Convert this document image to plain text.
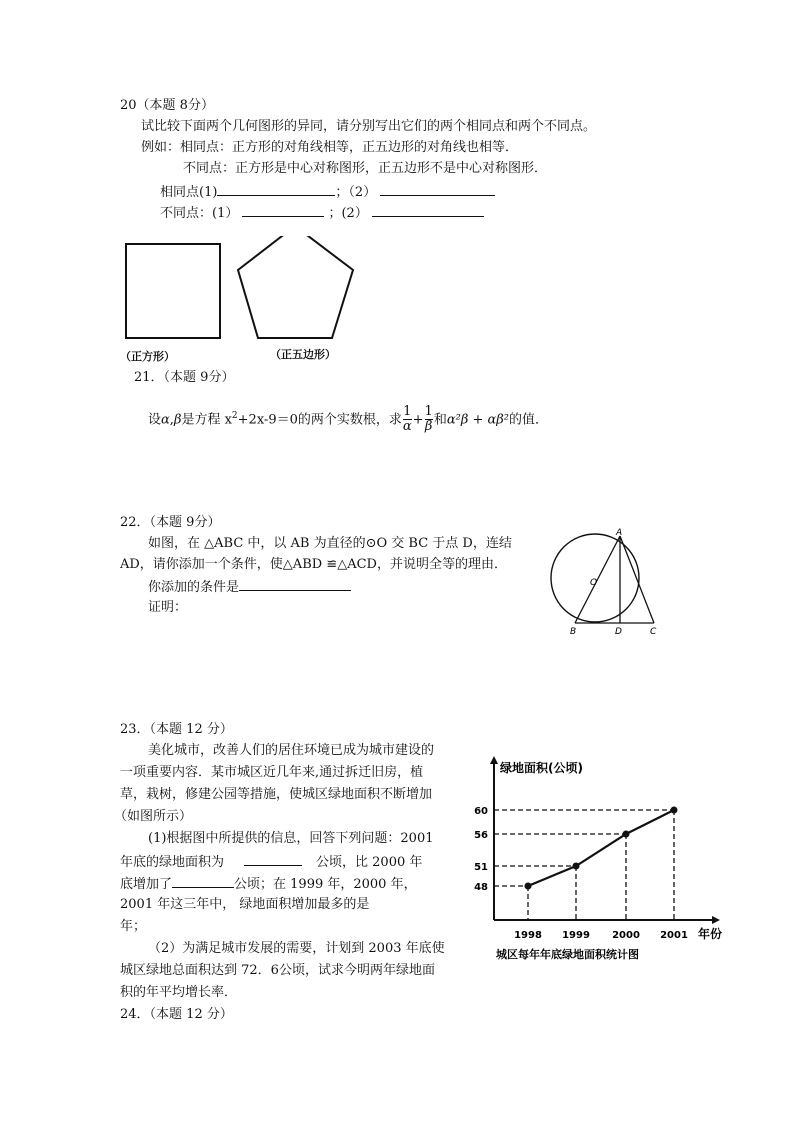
20（本题 8分）
试比较下面两个几何图形的异同，请分别写出它们的两个相同点和两个不同点。
例如：相同点：正方形的对角线相等，正五边形的对角线也相等．
不同点：正方形是中心对称图形，正五边形不是中心对称图形．
相同点(1)	；（2）
不同点：(1）	；(2）
（正方形）	（正五边形）
21．（本题 9分）
设α,β是方程 $x^2+2x-9=0$的两个实数根，求 $\frac{1}{\alpha} + \frac{1}{\beta}$ 和α²β + αβ²的值．
22．（本题 9分）
如图，在 △ABC 中，以 AB 为直径的⊙O 交 BC 于点 D，连结
AD，请你添加一个条件，使△ABD ≌△ACD，并说明全等的理由．
你添加的条件是
证明：
A
O
B	D	C
23．（本题 12 分）
美化城市，改善人们的居住环境已成为城市建设的
一项重要内容．某市城区近几年来,通过拆迁旧房，植
草，栽树，修建公园等措施，使城区绿地面积不断增加
（如图所示）
(1)根据图中所提供的信息，回答下列问题：2001
年底的绿地面积为	公顷，比 2000 年
底增加了	公顷；在 1999 年，2000 年，
2001 年这三年中， 绿地面积增加最多的是
年；
（2）为满足城市发展的需要，计划到 2003 年底使
城区绿地总面积达到 72．6公顷，试求今明两年绿地面
积的年平均增长率．
绿地面积(公顷)
年份
48
51
56
60
1998 1999 2000 2001
城区每年年底绿地面积统计图
24．（本题 12 分）
